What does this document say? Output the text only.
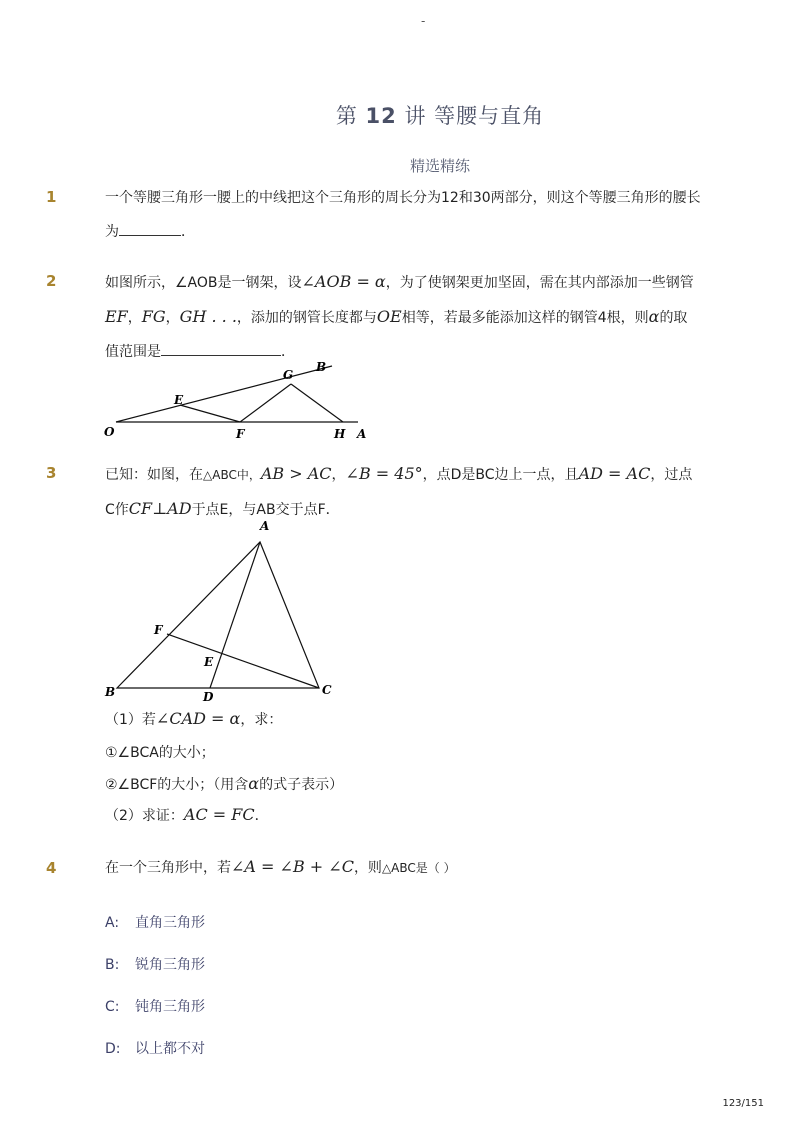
-
第 12 讲 等腰与直角
精选精练
1	一个等腰三角形一腰上的中线把这个三角形的周长分为12和30两部分，则这个等腰三角形的腰长
为	．
2	如图所示，∠AOB是一钢架，设∠AOB = α，为了使钢架更加坚固，需在其内部添加一些钢管
EF，FG，GH . . .，添加的钢管长度都与OE相等，若最多能添加这样的钢管4根，则α的取
值范围是	．
O
E
F
G
H A
B
3	已知：如图，在△ABC中，AB > AC，∠B = 45°，点D是BC边上一点，且AD = AC，过点
C作CF⊥AD于点E，与AB交于点F．
A
B	C
D
E
F
（1）若∠CAD = α，求：
①∠BCA的大小；
②∠BCF的大小；（用含α的式子表示）
（2）求证：AC = FC．
4	在一个三角形中，若∠A = ∠B + ∠C，则△ABC是（ ）
A: 直角三角形
B: 锐角三角形
C: 钝角三角形
D: 以上都不对
123/151
